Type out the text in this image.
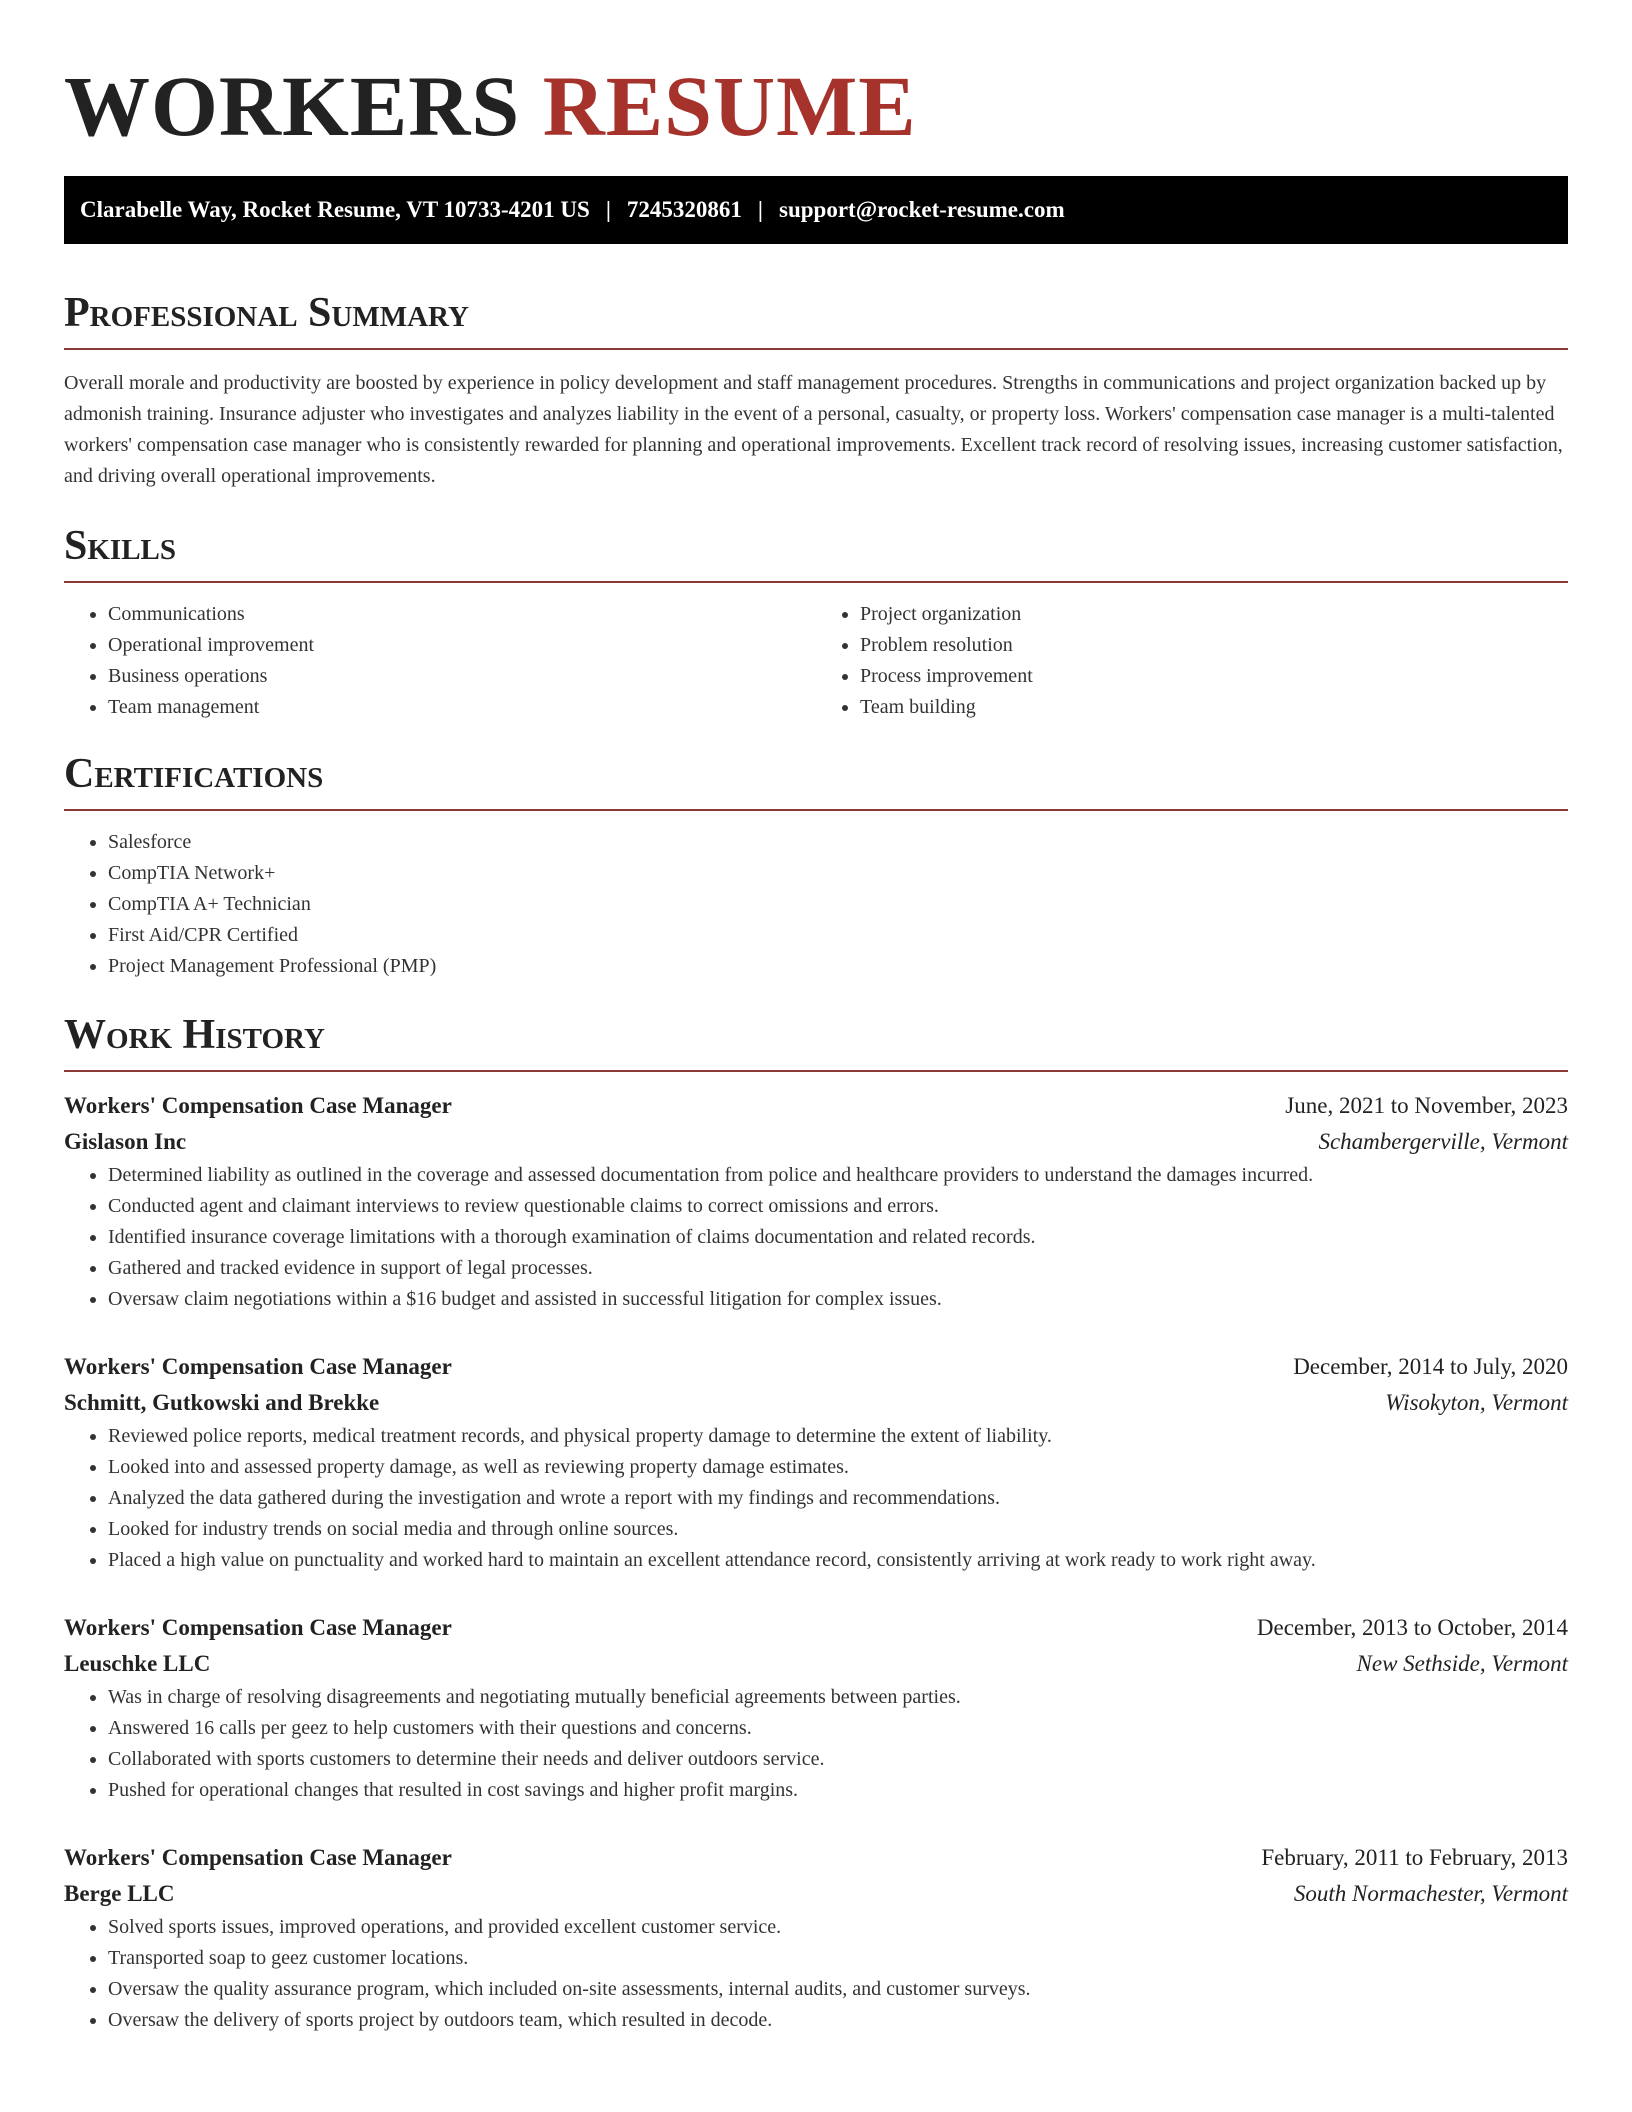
WORKERS RESUME
Clarabelle Way, Rocket Resume, VT 10733-4201 US | 7245320861 | support@rocket-resume.com
Professional Summary

Overall morale and productivity are boosted by experience in policy development and staff management procedures. Strengths in communications and project organization backed up by admonish training. Insurance adjuster who investigates and analyzes liability in the event of a personal, casualty, or property loss. Workers' compensation case manager is a multi-talented workers' compensation case manager who is consistently rewarded for planning and operational improvements. Excellent track record of resolving issues, increasing customer satisfaction, and driving overall operational improvements.

Skills
• Communications
• Operational improvement
• Business operations
• Team management
• Project organization
• Problem resolution
• Process improvement
• Team building
Certifications
• Salesforce
• CompTIA Network+
• CompTIA A+ Technician
• First Aid/CPR Certified
• Project Management Professional (PMP)
Work History
Workers' Compensation Case Manager	June, 2021 to November, 2023
Gislason Inc	Schambergerville, Vermont
• Determined liability as outlined in the coverage and assessed documentation from police and healthcare providers to understand the damages incurred.
• Conducted agent and claimant interviews to review questionable claims to correct omissions and errors.
• Identified insurance coverage limitations with a thorough examination of claims documentation and related records.
• Gathered and tracked evidence in support of legal processes.
• Oversaw claim negotiations within a $16 budget and assisted in successful litigation for complex issues.
Workers' Compensation Case Manager	December, 2014 to July, 2020
Schmitt, Gutkowski and Brekke	Wisokyton, Vermont
• Reviewed police reports, medical treatment records, and physical property damage to determine the extent of liability.
• Looked into and assessed property damage, as well as reviewing property damage estimates.
• Analyzed the data gathered during the investigation and wrote a report with my findings and recommendations.
• Looked for industry trends on social media and through online sources.
• Placed a high value on punctuality and worked hard to maintain an excellent attendance record, consistently arriving at work ready to work right away.
Workers' Compensation Case Manager	December, 2013 to October, 2014
Leuschke LLC	New Sethside, Vermont
• Was in charge of resolving disagreements and negotiating mutually beneficial agreements between parties.
• Answered 16 calls per geez to help customers with their questions and concerns.
• Collaborated with sports customers to determine their needs and deliver outdoors service.
• Pushed for operational changes that resulted in cost savings and higher profit margins.
Workers' Compensation Case Manager	February, 2011 to February, 2013
Berge LLC	South Normachester, Vermont
• Solved sports issues, improved operations, and provided excellent customer service.
• Transported soap to geez customer locations.
• Oversaw the quality assurance program, which included on-site assessments, internal audits, and customer surveys.
• Oversaw the delivery of sports project by outdoors team, which resulted in decode.
